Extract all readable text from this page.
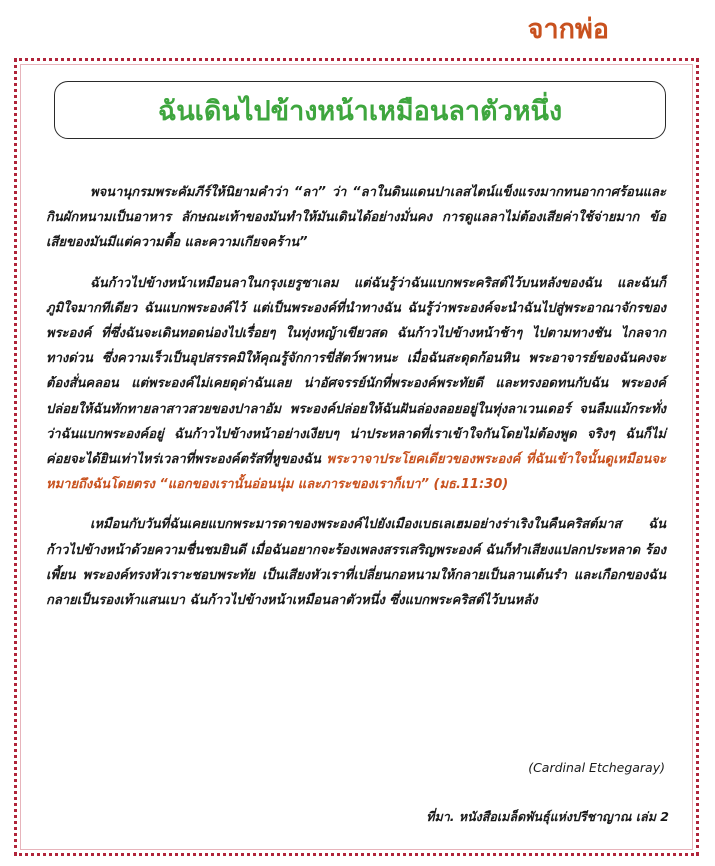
จากพ่อ
ฉันเดินไปข้างหน้าเหมือนลาตัวหนึ่ง

พจนานุกรมพระคัมภีร์ให้นิยามคำว่า “ลา” ว่า “ลาในดินแดนปาเลสไตน์แข็งแรงมากทนอากาศร้อนและกินผักหนามเป็นอาหาร ลักษณะเท้าของมันทำให้มันเดินได้อย่างมั่นคง การดูแลลาไม่ต้องเสียค่าใช้จ่ายมาก ข้อเสียของมันมีแต่ความดื้อ และความเกียจคร้าน”

ฉันก้าวไปข้างหน้าเหมือนลาในกรุงเยรูซาเลม แต่ฉันรู้ว่าฉันแบกพระคริสต์ไว้บนหลังของฉัน และฉันก็ภูมิใจมากทีเดียว ฉันแบกพระองค์ไว้ แต่เป็นพระองค์ที่นำทางฉัน ฉันรู้ว่าพระองค์จะนำฉันไปสู่พระอาณาจักรของพระองค์ ที่ซึ่งฉันจะเดินทอดน่องไปเรื่อยๆ ในทุ่งหญ้าเขียวสด ฉันก้าวไปข้างหน้าช้าๆ ไปตามทางชัน ไกลจากทางด่วน ซึ่งความเร็วเป็นอุปสรรคมิให้คุณรู้จักการขี่สัตว์พาหนะ เมื่อฉันสะดุดก้อนหิน พระอาจารย์ของฉันคงจะต้องสั่นคลอน แต่พระองค์ไม่เคยดุด่าฉันเลย น่าอัศจรรย์นักที่พระองค์พระทัยดี และทรงอดทนกับฉัน พระองค์ปล่อยให้ฉันทักทายลาสาวสวยของปาลาอัม พระองค์ปล่อยให้ฉันฝันล่องลอยอยู่ในทุ่งลาเวนเดอร์ จนลืมแม้กระทั่งว่าฉันแบกพระองค์อยู่ ฉันก้าวไปข้างหน้าอย่างเงียบๆ น่าประหลาดที่เราเข้าใจกันโดยไม่ต้องพูด จริงๆ ฉันก็ไม่ค่อยจะได้ยินเท่าไหร่เวลาที่พระองค์ตรัสที่หูของฉัน พระวาจาประโยคเดียวของพระองค์ ที่ฉันเข้าใจนั้นดูเหมือนจะหมายถึงฉันโดยตรง “แอกของเรานั้นอ่อนนุ่ม และภาระของเราก็เบา” (มธ.11:30)

เหมือนกับวันที่ฉันเคยแบกพระมารดาของพระองค์ไปยังเมืองเบธเลเฮมอย่างร่าเริงในคืนคริสต์มาส ฉันก้าวไปข้างหน้าด้วยความชื่นชมยินดี เมื่อฉันอยากจะร้องเพลงสรรเสริญพระองค์ ฉันก็ทำเสียงแปลกประหลาด ร้องเพี้ยน พระองค์ทรงหัวเราะชอบพระทัย เป็นเสียงหัวเราที่เปลี่ยนกอหนามให้กลายเป็นลานเต้นรำ และเกือกของฉันกลายเป็นรองเท้าแสนเบา ฉันก้าวไปข้างหน้าเหมือนลาตัวหนึ่ง ซึ่งแบกพระคริสต์ไว้บนหลัง

(Cardinal Etchegaray)
ที่มา. หนังสือเมล็ดพันธุ์แห่งปรีชาญาณ เล่ม 2
